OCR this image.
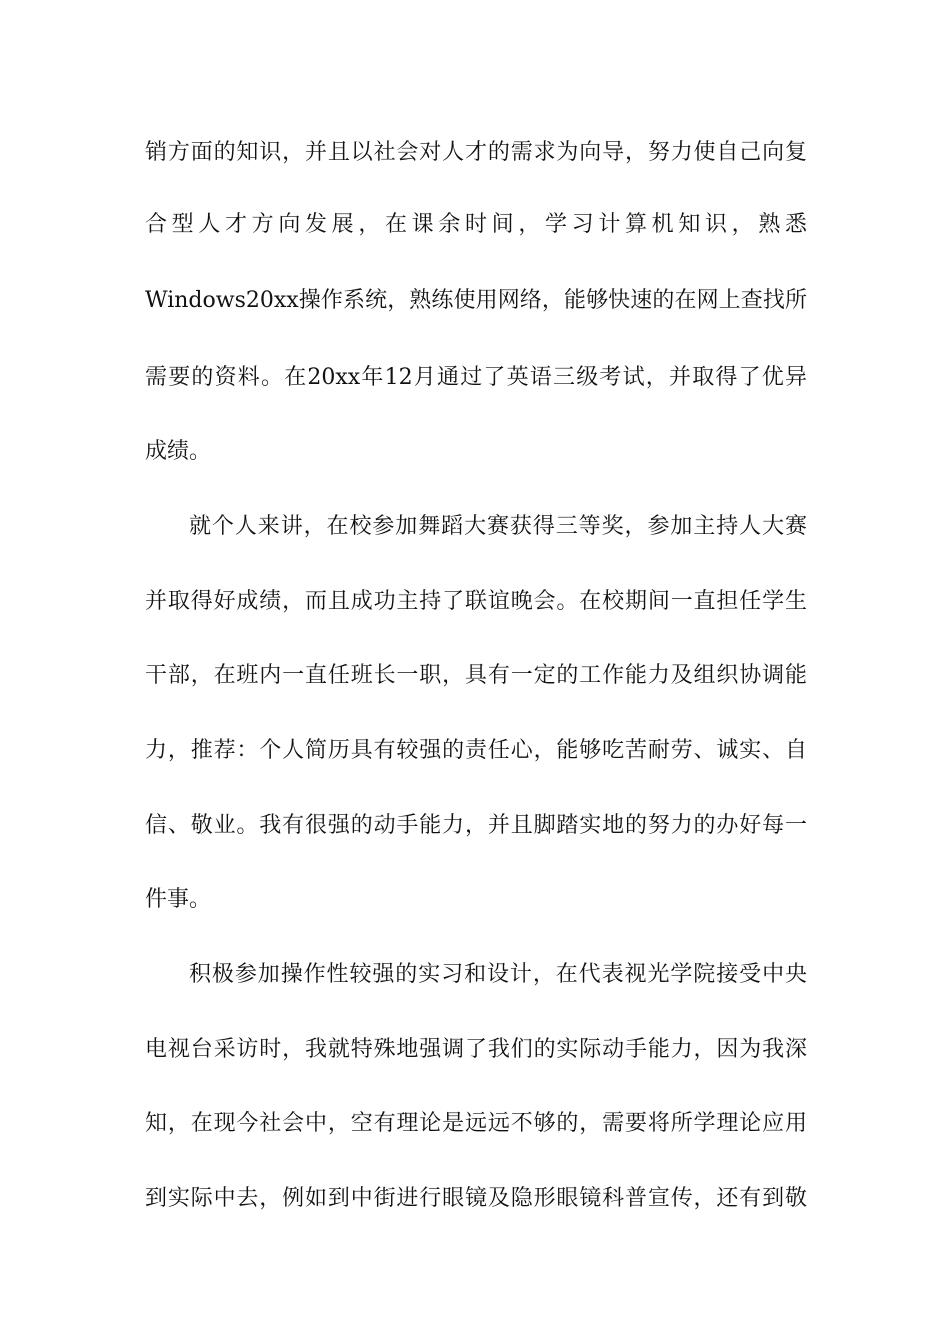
销方面的知识，并且以社会对人才的需求为向导，努力使自己向复
合型人才方向发展，在课余时间，学习计算机知识，熟悉
Windows20xx操作系统，熟练使用网络，能够快速的在网上查找所
需要的资料。在20xx年12月通过了英语三级考试，并取得了优异
成绩。
就个人来讲，在校参加舞蹈大赛获得三等奖，参加主持人大赛
并取得好成绩，而且成功主持了联谊晚会。在校期间一直担任学生
干部，在班内一直任班长一职，具有一定的工作能力及组织协调能
力，推荐：个人简历具有较强的责任心，能够吃苦耐劳、诚实、自
信、敬业。我有很强的动手能力，并且脚踏实地的努力的办好每一
件事。
积极参加操作性较强的实习和设计，在代表视光学院接受中央
电视台采访时，我就特殊地强调了我们的实际动手能力，因为我深
知，在现今社会中，空有理论是远远不够的，需要将所学理论应用
到实际中去，例如到中街进行眼镜及隐形眼镜科普宣传，还有到敬
